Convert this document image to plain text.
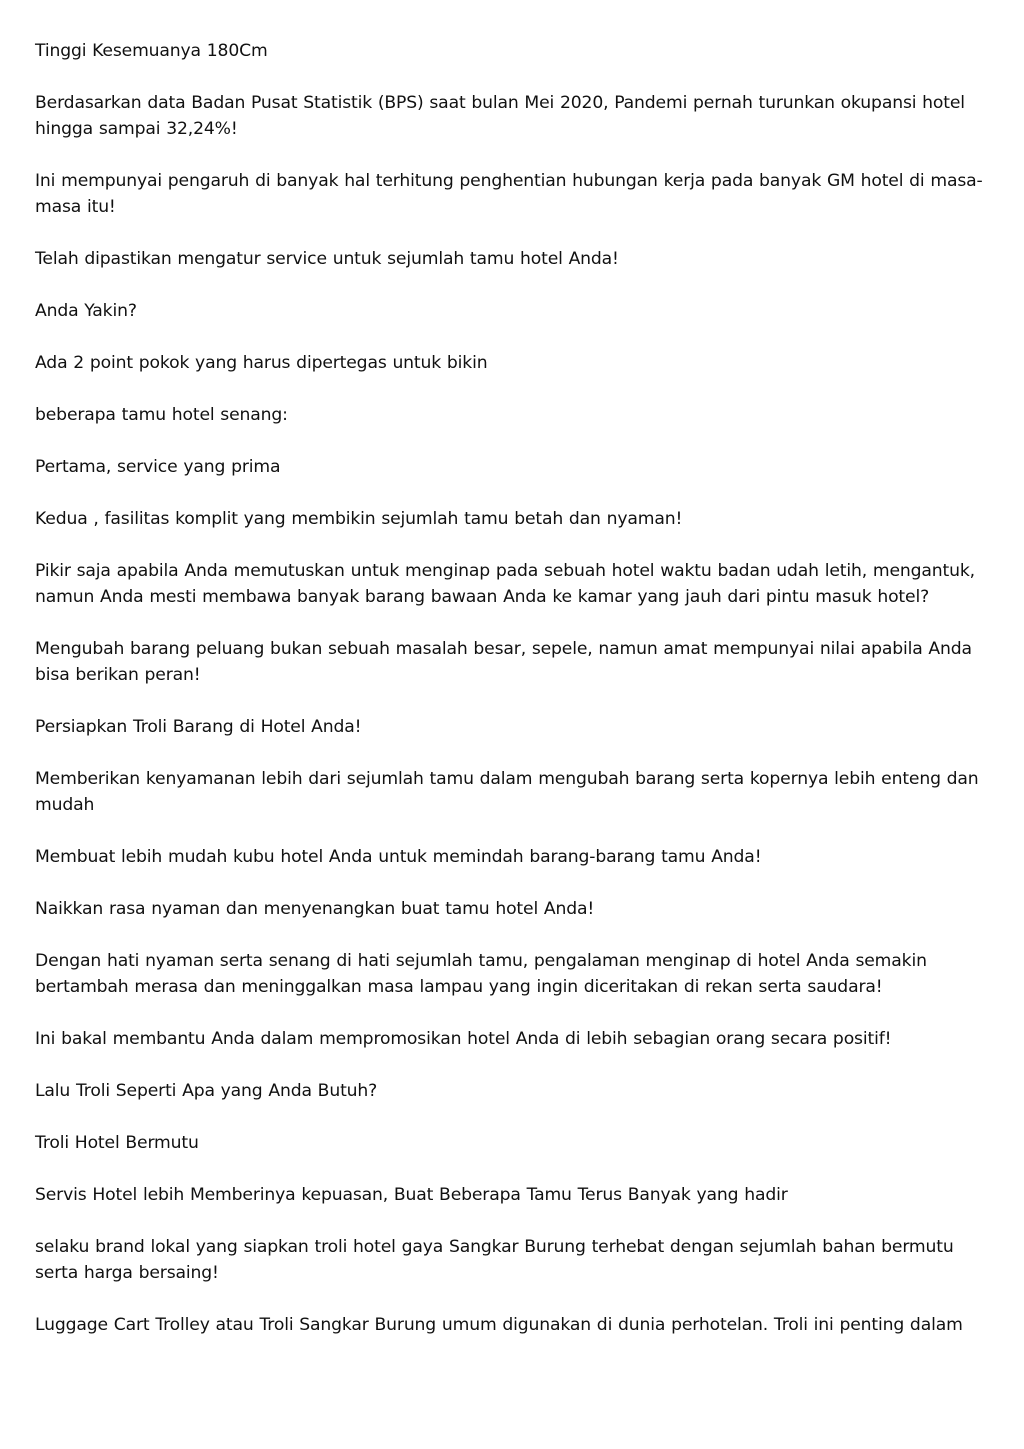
Tinggi Kesemuanya 180Cm

Berdasarkan data Badan Pusat Statistik (BPS) saat bulan Mei 2020, Pandemi pernah turunkan okupansi hotel hingga sampai 32,24%!

Ini mempunyai pengaruh di banyak hal terhitung penghentian hubungan kerja pada banyak GM hotel di masa-masa itu!

Telah dipastikan mengatur service untuk sejumlah tamu hotel Anda!

Anda Yakin?

Ada 2 point pokok yang harus dipertegas untuk bikin

beberapa tamu hotel senang:

Pertama, service yang prima

Kedua , fasilitas komplit yang membikin sejumlah tamu betah dan nyaman!

Pikir saja apabila Anda memutuskan untuk menginap pada sebuah hotel waktu badan udah letih, mengantuk, namun Anda mesti membawa banyak barang bawaan Anda ke kamar yang jauh dari pintu masuk hotel?

Mengubah barang peluang bukan sebuah masalah besar, sepele, namun amat mempunyai nilai apabila Anda bisa berikan peran!

Persiapkan Troli Barang di Hotel Anda!

Memberikan kenyamanan lebih dari sejumlah tamu dalam mengubah barang serta kopernya lebih enteng dan mudah

Membuat lebih mudah kubu hotel Anda untuk memindah barang-barang tamu Anda!

Naikkan rasa nyaman dan menyenangkan buat tamu hotel Anda!

Dengan hati nyaman serta senang di hati sejumlah tamu, pengalaman menginap di hotel Anda semakin bertambah merasa dan meninggalkan masa lampau yang ingin diceritakan di rekan serta saudara!

Ini bakal membantu Anda dalam mempromosikan hotel Anda di lebih sebagian orang secara positif!

Lalu Troli Seperti Apa yang Anda Butuh?

Troli Hotel Bermutu

Servis Hotel lebih Memberinya kepuasan, Buat Beberapa Tamu Terus Banyak yang hadir

selaku brand lokal yang siapkan troli hotel gaya Sangkar Burung terhebat dengan sejumlah bahan bermutu serta harga bersaing!

Luggage Cart Trolley atau Troli Sangkar Burung umum digunakan di dunia perhotelan. Troli ini penting dalam
